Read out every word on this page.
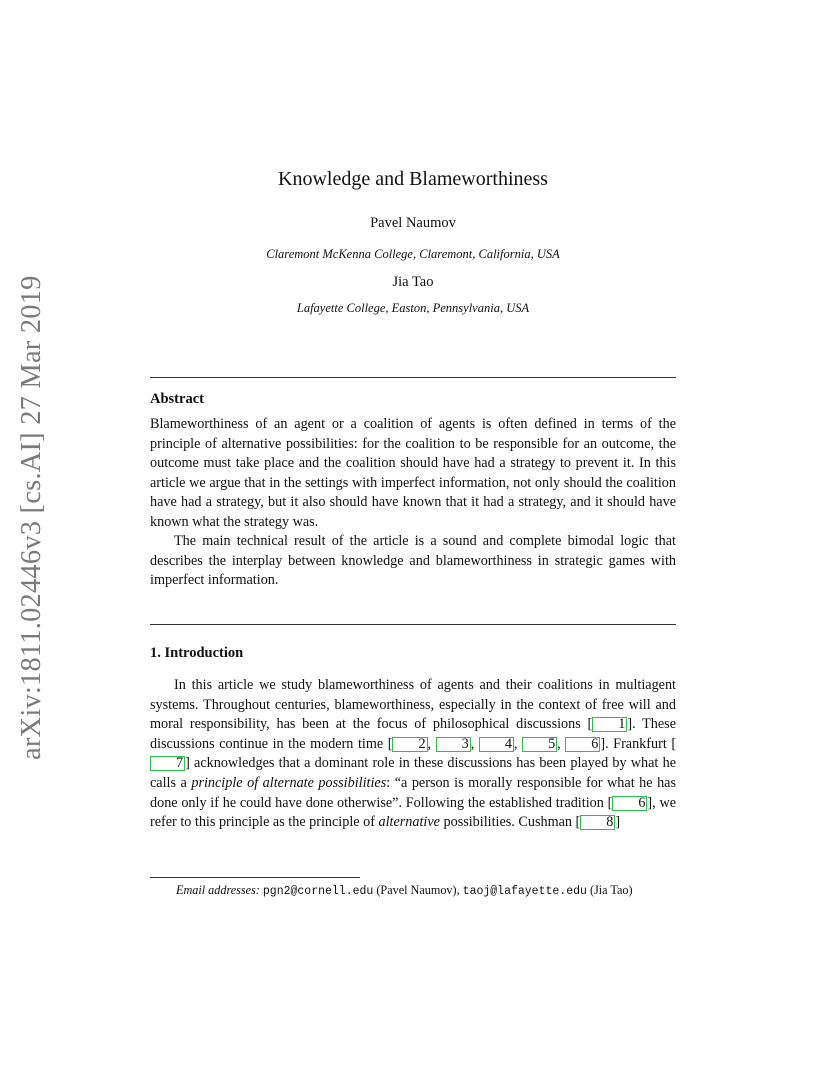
arXiv:1811.02446v3 [cs.AI] 27 Mar 2019
Knowledge and Blameworthiness
Pavel Naumov
Claremont McKenna College, Claremont, California, USA
Jia Tao
Lafayette College, Easton, Pennsylvania, USA
Abstract

Blameworthiness of an agent or a coalition of agents is often defined in terms of the principle of alternative possibilities: for the coalition to be responsible for an outcome, the outcome must take place and the coalition should have had a strategy to prevent it. In this article we argue that in the settings with imperfect information, not only should the coalition have had a strategy, but it also should have known that it had a strategy, and it should have known what the strategy was.

The main technical result of the article is a sound and complete bimodal logic that describes the interplay between knowledge and blameworthiness in strategic games with imperfect information.

1. Introduction
In this article we study blameworthiness of agents and their coalitions in multiagent systems. Throughout centuries, blameworthiness, especially in the context of free will and moral responsibility, has been at the focus of philosophical discussions [ 1 ]. These discussions continue in the modern time [ 2 , 3 , 4 , 5 , 6 ]. Frankfurt [7 ] acknowledges that a dominant role in these discussions has been played by what he calls a principle of alternate possibilities: “a person is morally responsible for what he has done only if he could have done otherwise”. Following the established tradition [ 6 ], we refer to this principle as the principle of alternative possibilities. Cushman [ 8 ]
Email addresses: pgn2@cornell.edu (Pavel Naumov), taoj@lafayette.edu (Jia Tao)
